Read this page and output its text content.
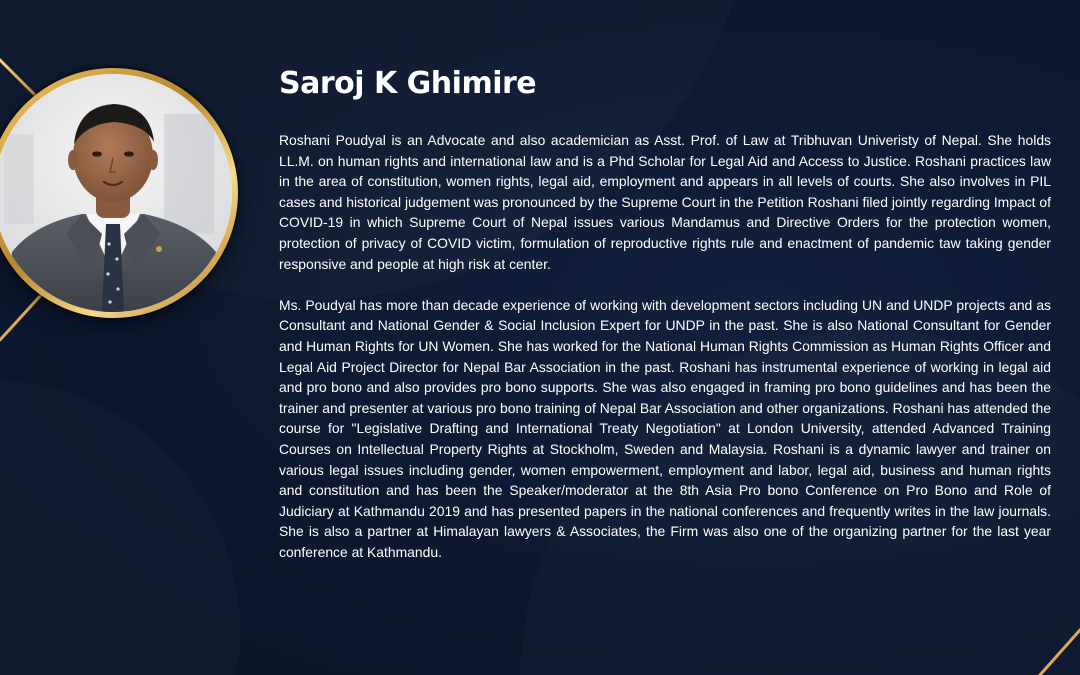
Saroj K Ghimire

Roshani Poudyal is an Advocate and also academician as Asst. Prof. of Law at Tribhuvan Univeristy of Nepal. She holds LL.M. on human rights and international law and is a Phd Scholar for Legal Aid and Access to Justice. Roshani practices law in the area of constitution, women rights, legal aid, employment and appears in all levels of courts. She also involves in PIL cases and historical judgement was pronounced by the Supreme Court in the Petition Roshani filed jointly regarding Impact of COVID-19 in which Supreme Court of Nepal issues various Mandamus and Directive Orders for the protection women, protection of privacy of COVID victim, formulation of reproductive rights rule and enactment of pandemic taw taking gender responsive and people at high risk at center.

Ms. Poudyal has more than decade experience of working with development sectors including UN and UNDP projects and as Consultant and National Gender & Social Inclusion Expert for UNDP in the past. She is also National Consultant for Gender and Human Rights for UN Women. She has worked for the National Human Rights Commission as Human Rights Officer and Legal Aid Project Director for Nepal Bar Association in the past. Roshani has instrumental experience of working in legal aid and pro bono and also provides pro bono supports. She was also engaged in framing pro bono guidelines and has been the trainer and presenter at various pro bono training of Nepal Bar Association and other organizations. Roshani has attended the course for "Legislative Drafting and International Treaty Negotiation" at London University, attended Advanced Training Courses on Intellectual Property Rights at Stockholm, Sweden and Malaysia. Roshani is a dynamic lawyer and trainer on various legal issues including gender, women empowerment, employment and labor, legal aid, business and human rights and constitution and has been the Speaker/moderator at the 8th Asia Pro bono Conference on Pro Bono and Role of Judiciary at Kathmandu 2019 and has presented papers in the national conferences and frequently writes in the law journals. She is also a partner at Himalayan lawyers & Associates, the Firm was also one of the organizing partner for the last year conference at Kathmandu.
